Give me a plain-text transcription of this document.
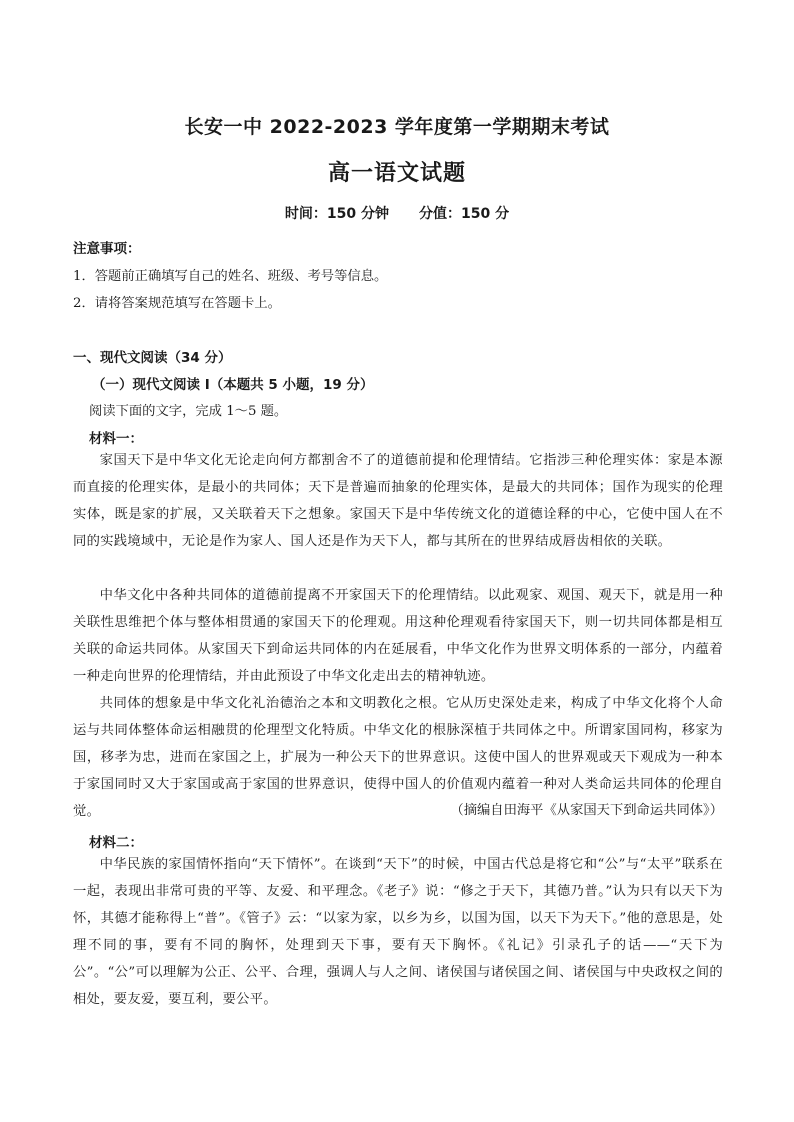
长安一中 2022-2023 学年度第一学期期末考试
高一语文试题
时间：150 分钟 分值：150 分
注意事项：
1．答题前正确填写自己的姓名、班级、考号等信息。
2．请将答案规范填写在答题卡上。
一、现代文阅读（34 分）
（一）现代文阅读 I（本题共 5 小题，19 分）
阅读下面的文字，完成 1～5 题。
材料一：

家国天下是中华文化无论走向何方都割舍不了的道德前提和伦理情结。它指涉三种伦理实体：家是本源而直接的伦理实体，是最小的共同体；天下是普遍而抽象的伦理实体，是最大的共同体；国作为现实的伦理实体，既是家的扩展，又关联着天下之想象。家国天下是中华传统文化的道德诠释的中心，它使中国人在不同的实践境域中，无论是作为家人、国人还是作为天下人，都与其所在的世界结成唇齿相依的关联。

中华文化中各种共同体的道德前提离不开家国天下的伦理情结。以此观家、观国、观天下，就是用一种关联性思维把个体与整体相贯通的家国天下的伦理观。用这种伦理观看待家国天下，则一切共同体都是相互关联的命运共同体。从家国天下到命运共同体的内在延展看，中华文化作为世界文明体系的一部分，内蕴着一种走向世界的伦理情结，并由此预设了中华文化走出去的精神轨迹。

共同体的想象是中华文化礼治德治之本和文明教化之根。它从历史深处走来，构成了中华文化将个人命运与共同体整体命运相融贯的伦理型文化特质。中华文化的根脉深植于共同体之中。所谓家国同构，移家为国，移孝为忠，进而在家国之上，扩展为一种公天下的世界意识。这使中国人的世界观或天下观成为一种本于家国同时又大于家国或高于家国的世界意识，使得中国人的价值观内蕴着一种对人类命运共同体的伦理自觉。	（摘编自田海平《从家国天下到命运共同体》）
材料二：

中华民族的家国情怀指向“天下情怀”。在谈到“天下”的时候，中国古代总是将它和“公”与“太平”联系在一起，表现出非常可贵的平等、友爱、和平理念。《老子》说：“修之于天下，其德乃普。”认为只有以天下为怀，其德才能称得上“普”。《管子》云：“以家为家，以乡为乡，以国为国，以天下为天下。”他的意思是，处理不同的事，要有不同的胸怀，处理到天下事，要有天下胸怀。《礼记》引录孔子的话——“天下为公”。“公”可以理解为公正、公平、合理，强调人与人之间、诸侯国与诸侯国之间、诸侯国与中央政权之间的相处，要友爱，要互利，要公平。
